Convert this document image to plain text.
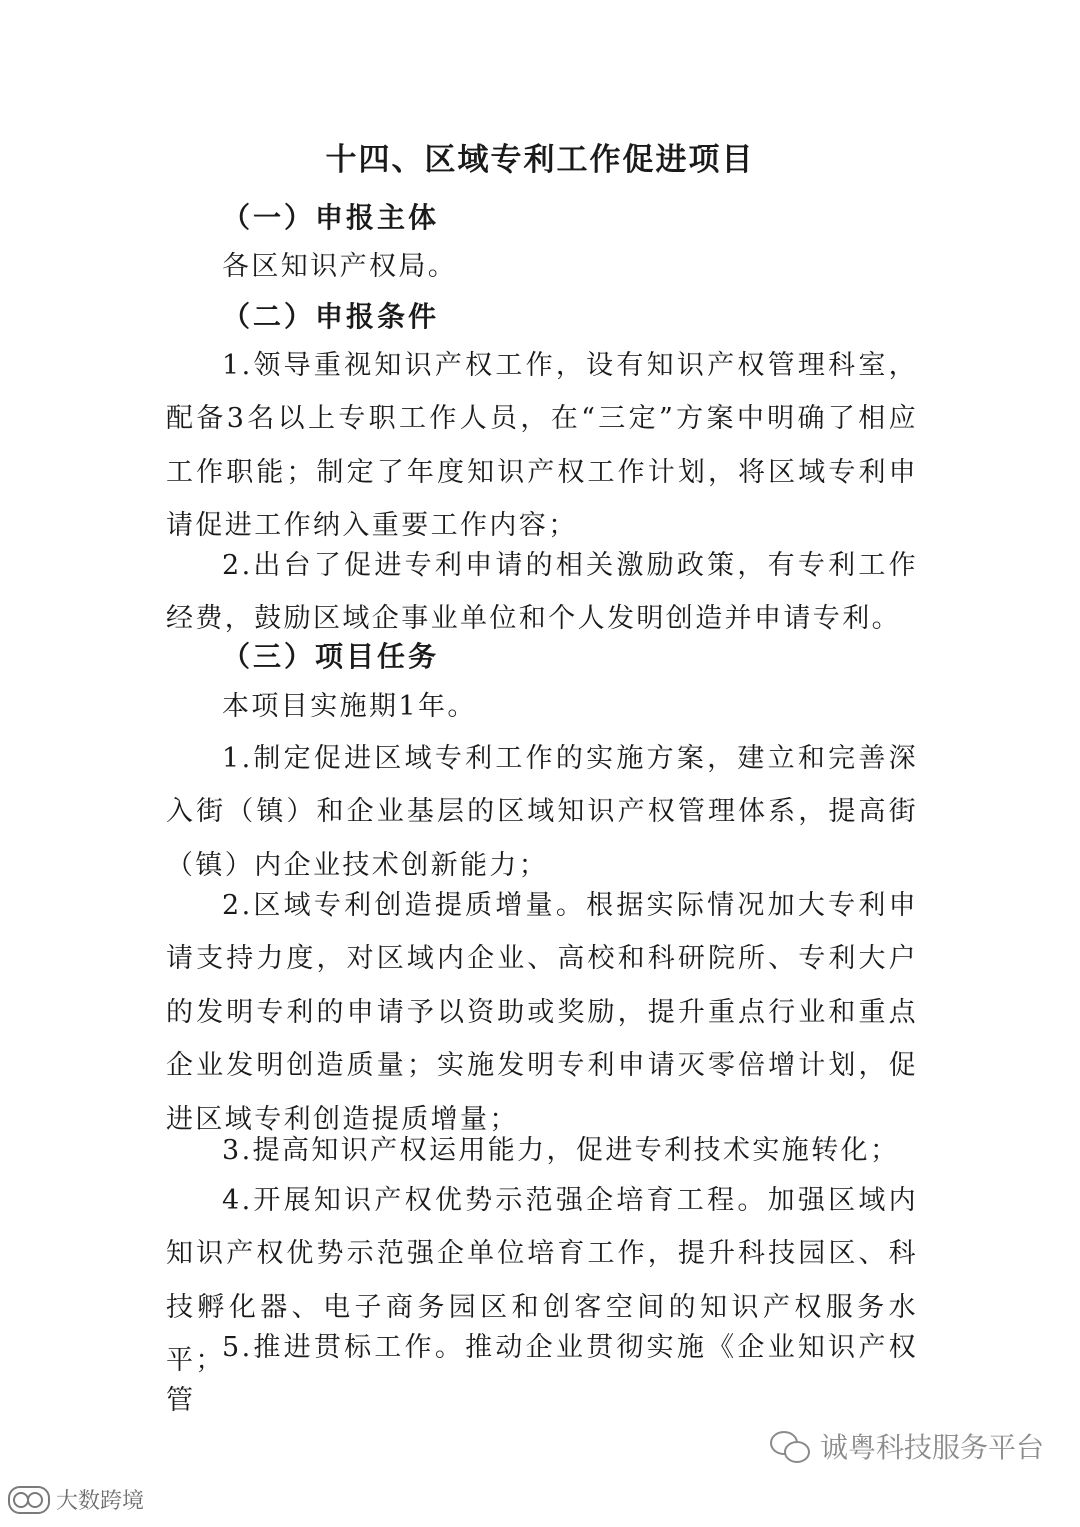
十四、区域专利工作促进项目
（一）申报主体

各区知识产权局。

（二）申报条件

1.领导重视知识产权工作，设有知识产权管理科室，配备3名以上专职工作人员，在“三定”方案中明确了相应工作职能；制定了年度知识产权工作计划，将区域专利申请促进工作纳入重要工作内容；

2.出台了促进专利申请的相关激励政策，有专利工作经费，鼓励区域企事业单位和个人发明创造并申请专利。

（三）项目任务

本项目实施期1年。

1.制定促进区域专利工作的实施方案，建立和完善深入街（镇）和企业基层的区域知识产权管理体系，提高街（镇）内企业技术创新能力；

2.区域专利创造提质增量。根据实际情况加大专利申请支持力度，对区域内企业、高校和科研院所、专利大户的发明专利的申请予以资助或奖励，提升重点行业和重点企业发明创造质量；实施发明专利申请灭零倍增计划，促进区域专利创造提质增量；

3.提高知识产权运用能力，促进专利技术实施转化；

4.开展知识产权优势示范强企培育工程。加强区域内知识产权优势示范强企单位培育工作，提升科技园区、科技孵化器、电子商务园区和创客空间的知识产权服务水平；

5.推进贯标工作。推动企业贯彻实施《企业知识产权管

诚粤科技服务平台
大数跨境
